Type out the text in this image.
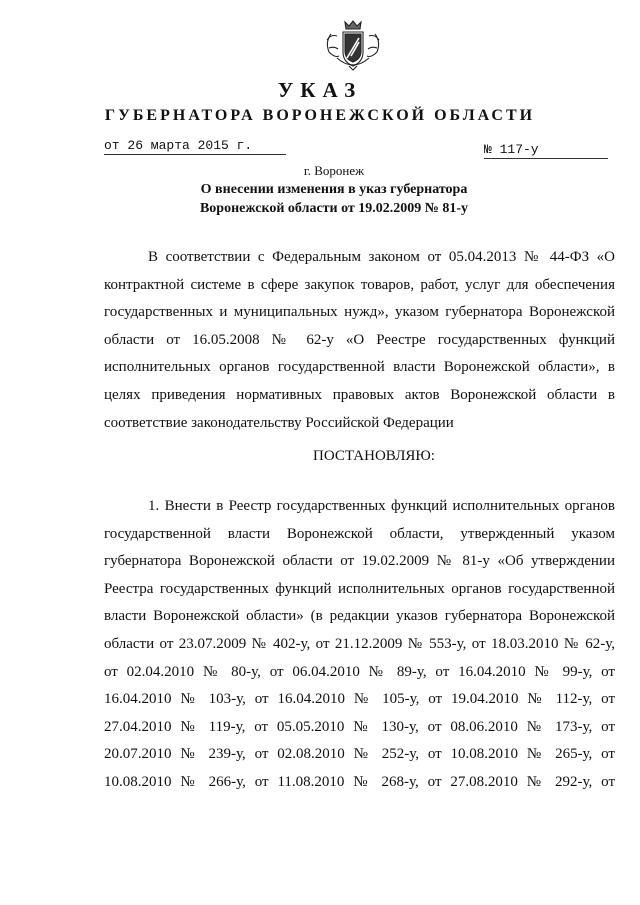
УКАЗ
ГУБЕРНАТОРА ВОРОНЕЖСКОЙ ОБЛАСТИ
от 26 марта 2015 г.	№ 117-у
г. Воронеж
О внесении изменения в указ губернатора
Воронежской области от 19.02.2009 № 81-у
В соответствии с Федеральным законом от 05.04.2013 № 44-ФЗ «О
контрактной системе в сфере закупок товаров, работ, услуг для обеспечения
государственных и муниципальных нужд», указом губернатора Воронежской
области от 16.05.2008 № 62-у «О Реестре государственных функций
исполнительных органов государственной власти Воронежской области», в
целях приведения нормативных правовых актов Воронежской области в
соответствие законодательству Российской Федерации
ПОСТАНОВЛЯЮ:
1. Внести в Реестр государственных функций исполнительных органов
государственной власти Воронежской области, утвержденный указом
губернатора Воронежской области от 19.02.2009 № 81-у «Об утверждении
Реестра государственных функций исполнительных органов государственной
власти Воронежской области» (в редакции указов губернатора Воронежской
области от 23.07.2009 № 402-у, от 21.12.2009 № 553-у, от 18.03.2010 № 62-у,
от 02.04.2010 № 80-у, от 06.04.2010 № 89-у, от 16.04.2010 № 99-у, от
16.04.2010 № 103-у, от 16.04.2010 № 105-у, от 19.04.2010 № 112-у, от
27.04.2010 № 119-у, от 05.05.2010 № 130-у, от 08.06.2010 № 173-у, от
20.07.2010 № 239-у, от 02.08.2010 № 252-у, от 10.08.2010 № 265-у, от
10.08.2010 № 266-у, от 11.08.2010 № 268-у, от 27.08.2010 № 292-у, от
